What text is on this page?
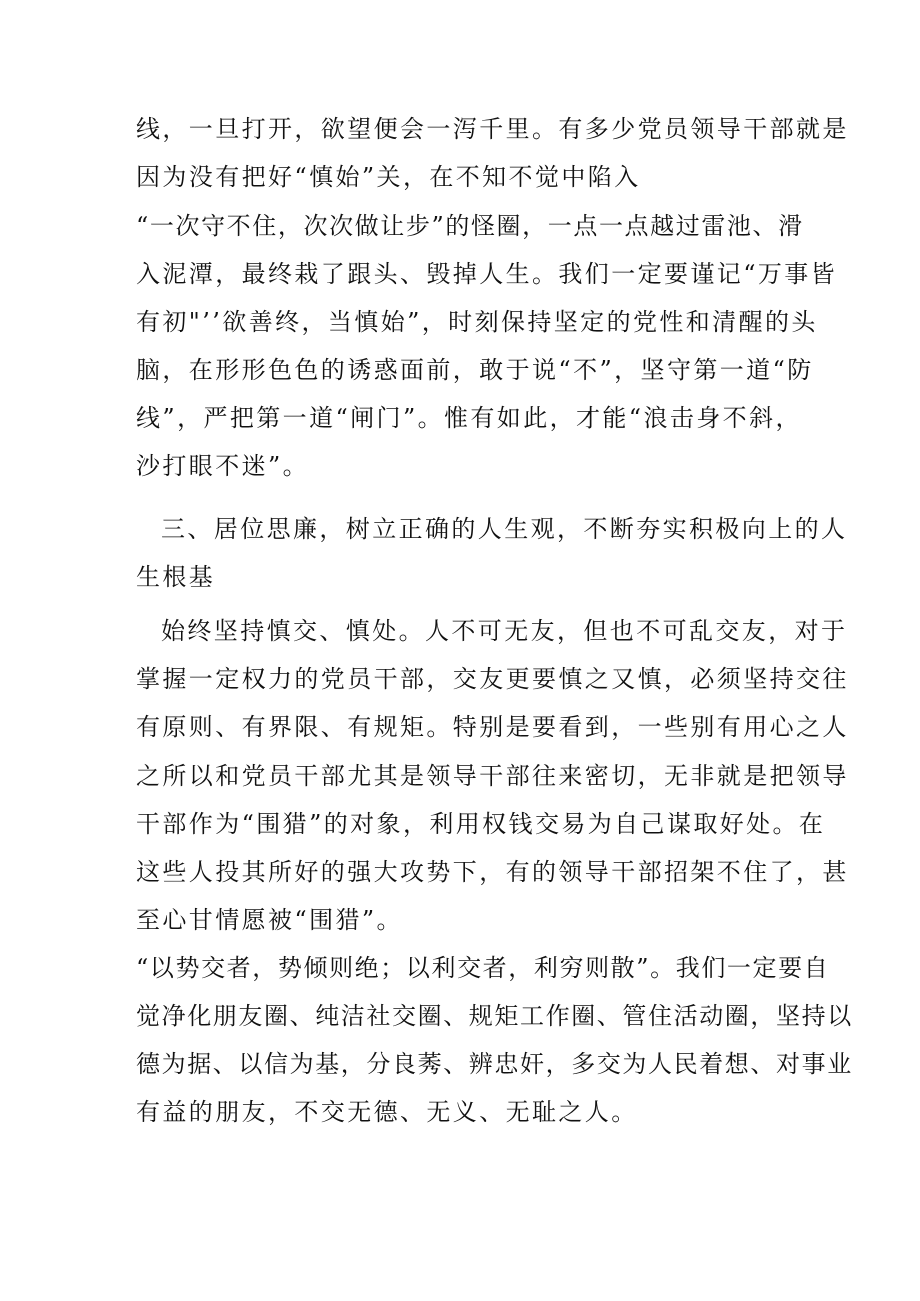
线，一旦打开，欲望便会一泻千里。有多少党员领导干部就是
因为没有把好“慎始”关，在不知不觉中陷入
“一次守不住，次次做让步”的怪圈，一点一点越过雷池、滑
入泥潭，最终栽了跟头、毁掉人生。我们一定要谨记“万事皆
有初"’’欲善终，当慎始”，时刻保持坚定的党性和清醒的头
脑，在形形色色的诱惑面前，敢于说“不”，坚守第一道“防
线”，严把第一道“闸门”。惟有如此，才能“浪击身不斜，
沙打眼不迷”。
三、居位思廉，树立正确的人生观，不断夯实积极向上的人
生根基
始终坚持慎交、慎处。人不可无友，但也不可乱交友，对于
掌握一定权力的党员干部，交友更要慎之又慎，必须坚持交往
有原则、有界限、有规矩。特别是要看到，一些别有用心之人
之所以和党员干部尤其是领导干部往来密切，无非就是把领导
干部作为“围猎”的对象，利用权钱交易为自己谋取好处。在
这些人投其所好的强大攻势下，有的领导干部招架不住了，甚
至心甘情愿被“围猎”。
“以势交者，势倾则绝；以利交者，利穷则散”。我们一定要自
觉净化朋友圈、纯洁社交圈、规矩工作圈、管住活动圈，坚持以
德为据、以信为基，分良莠、辨忠奸，多交为人民着想、对事业
有益的朋友，不交无德、无义、无耻之人。
